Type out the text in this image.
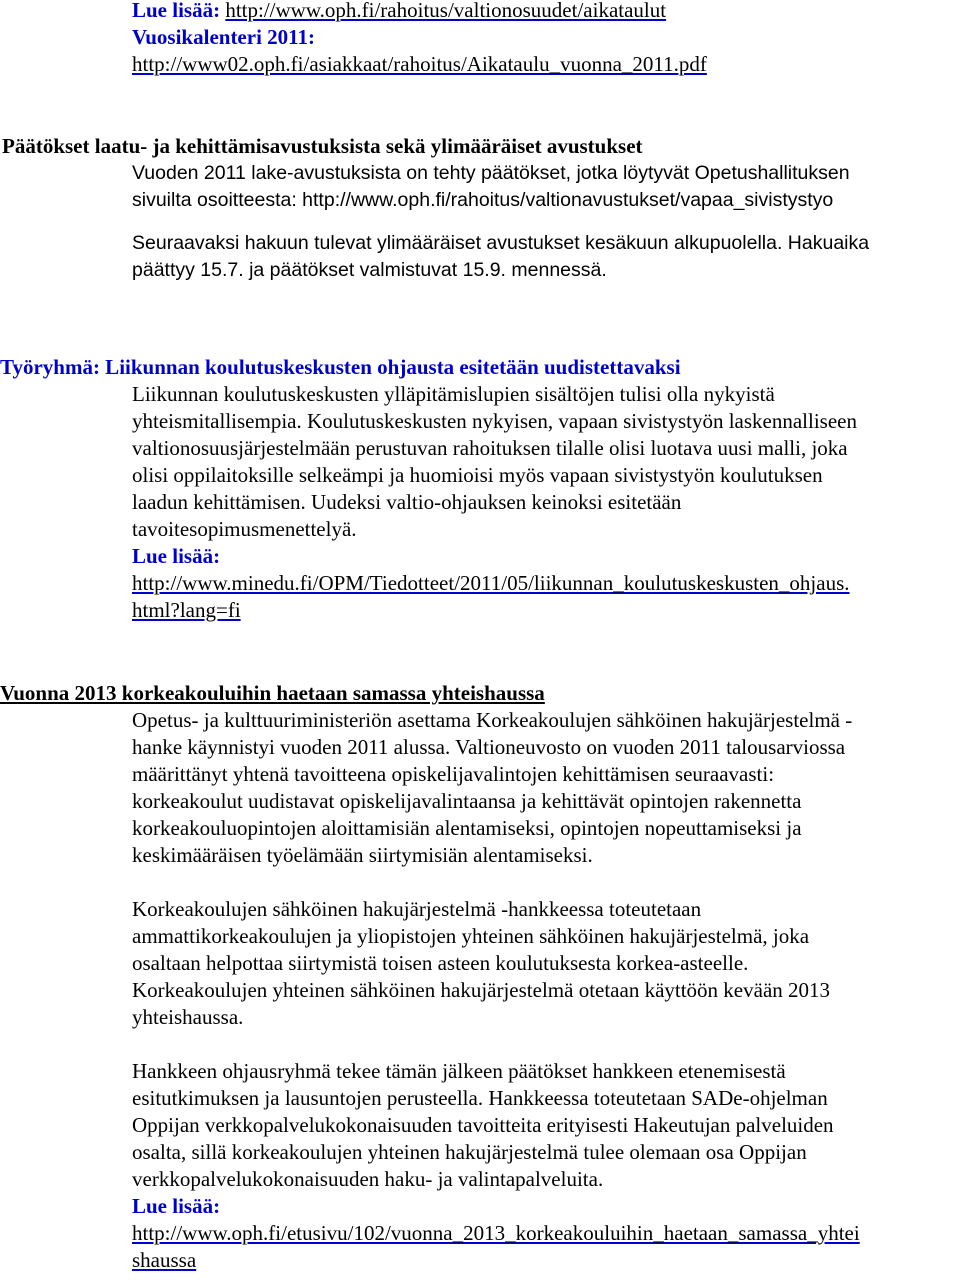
Lue lisää: http://www.oph.fi/rahoitus/valtionosuudet/aikataulut
Vuosikalenteri 2011:
http://www02.oph.fi/asiakkaat/rahoitus/Aikataulu_vuonna_2011.pdf
Päätökset laatu- ja kehittämisavustuksista sekä ylimääräiset avustukset
Vuoden 2011 lake-avustuksista on tehty päätökset, jotka löytyvät Opetushallituksen
sivuilta osoitteesta: http://www.oph.fi/rahoitus/valtionavustukset/vapaa_sivistystyo
Seuraavaksi hakuun tulevat ylimääräiset avustukset kesäkuun alkupuolella. Hakuaika
päättyy 15.7. ja päätökset valmistuvat 15.9. mennessä.
Työryhmä: Liikunnan koulutuskeskusten ohjausta esitetään uudistettavaksi
Liikunnan koulutuskeskusten ylläpitämislupien sisältöjen tulisi olla nykyistä
yhteismitallisempia. Koulutuskeskusten nykyisen, vapaan sivistystyön laskennalliseen
valtionosuusjärjestelmään perustuvan rahoituksen tilalle olisi luotava uusi malli, joka
olisi oppilaitoksille selkeämpi ja huomioisi myös vapaan sivistystyön koulutuksen
laadun kehittämisen. Uudeksi valtio-ohjauksen keinoksi esitetään
tavoitesopimusmenettelyä.
Lue lisää:
http://www.minedu.fi/OPM/Tiedotteet/2011/05/liikunnan_koulutuskeskusten_ohjaus.
html?lang=fi
Vuonna 2013 korkeakouluihin haetaan samassa yhteishaussa
Opetus- ja kulttuuriministeriön asettama Korkeakoulujen sähköinen hakujärjestelmä -
hanke käynnistyi vuoden 2011 alussa. Valtioneuvosto on vuoden 2011 talousarviossa
määrittänyt yhtenä tavoitteena opiskelijavalintojen kehittämisen seuraavasti:
korkeakoulut uudistavat opiskelijavalintaansa ja kehittävät opintojen rakennetta
korkeakouluopintojen aloittamisiän alentamiseksi, opintojen nopeuttamiseksi ja
keskimääräisen työelämään siirtymisiän alentamiseksi.
Korkeakoulujen sähköinen hakujärjestelmä -hankkeessa toteutetaan
ammattikorkeakoulujen ja yliopistojen yhteinen sähköinen hakujärjestelmä, joka
osaltaan helpottaa siirtymistä toisen asteen koulutuksesta korkea-asteelle.
Korkeakoulujen yhteinen sähköinen hakujärjestelmä otetaan käyttöön kevään 2013
yhteishaussa.
Hankkeen ohjausryhmä tekee tämän jälkeen päätökset hankkeen etenemisestä
esitutkimuksen ja lausuntojen perusteella. Hankkeessa toteutetaan SADe-ohjelman
Oppijan verkkopalvelukokonaisuuden tavoitteita erityisesti Hakeutujan palveluiden
osalta, sillä korkeakoulujen yhteinen hakujärjestelmä tulee olemaan osa Oppijan
verkkopalvelukokonaisuuden haku- ja valintapalveluita.
Lue lisää:
http://www.oph.fi/etusivu/102/vuonna_2013_korkeakouluihin_haetaan_samassa_yhtei
shaussa
